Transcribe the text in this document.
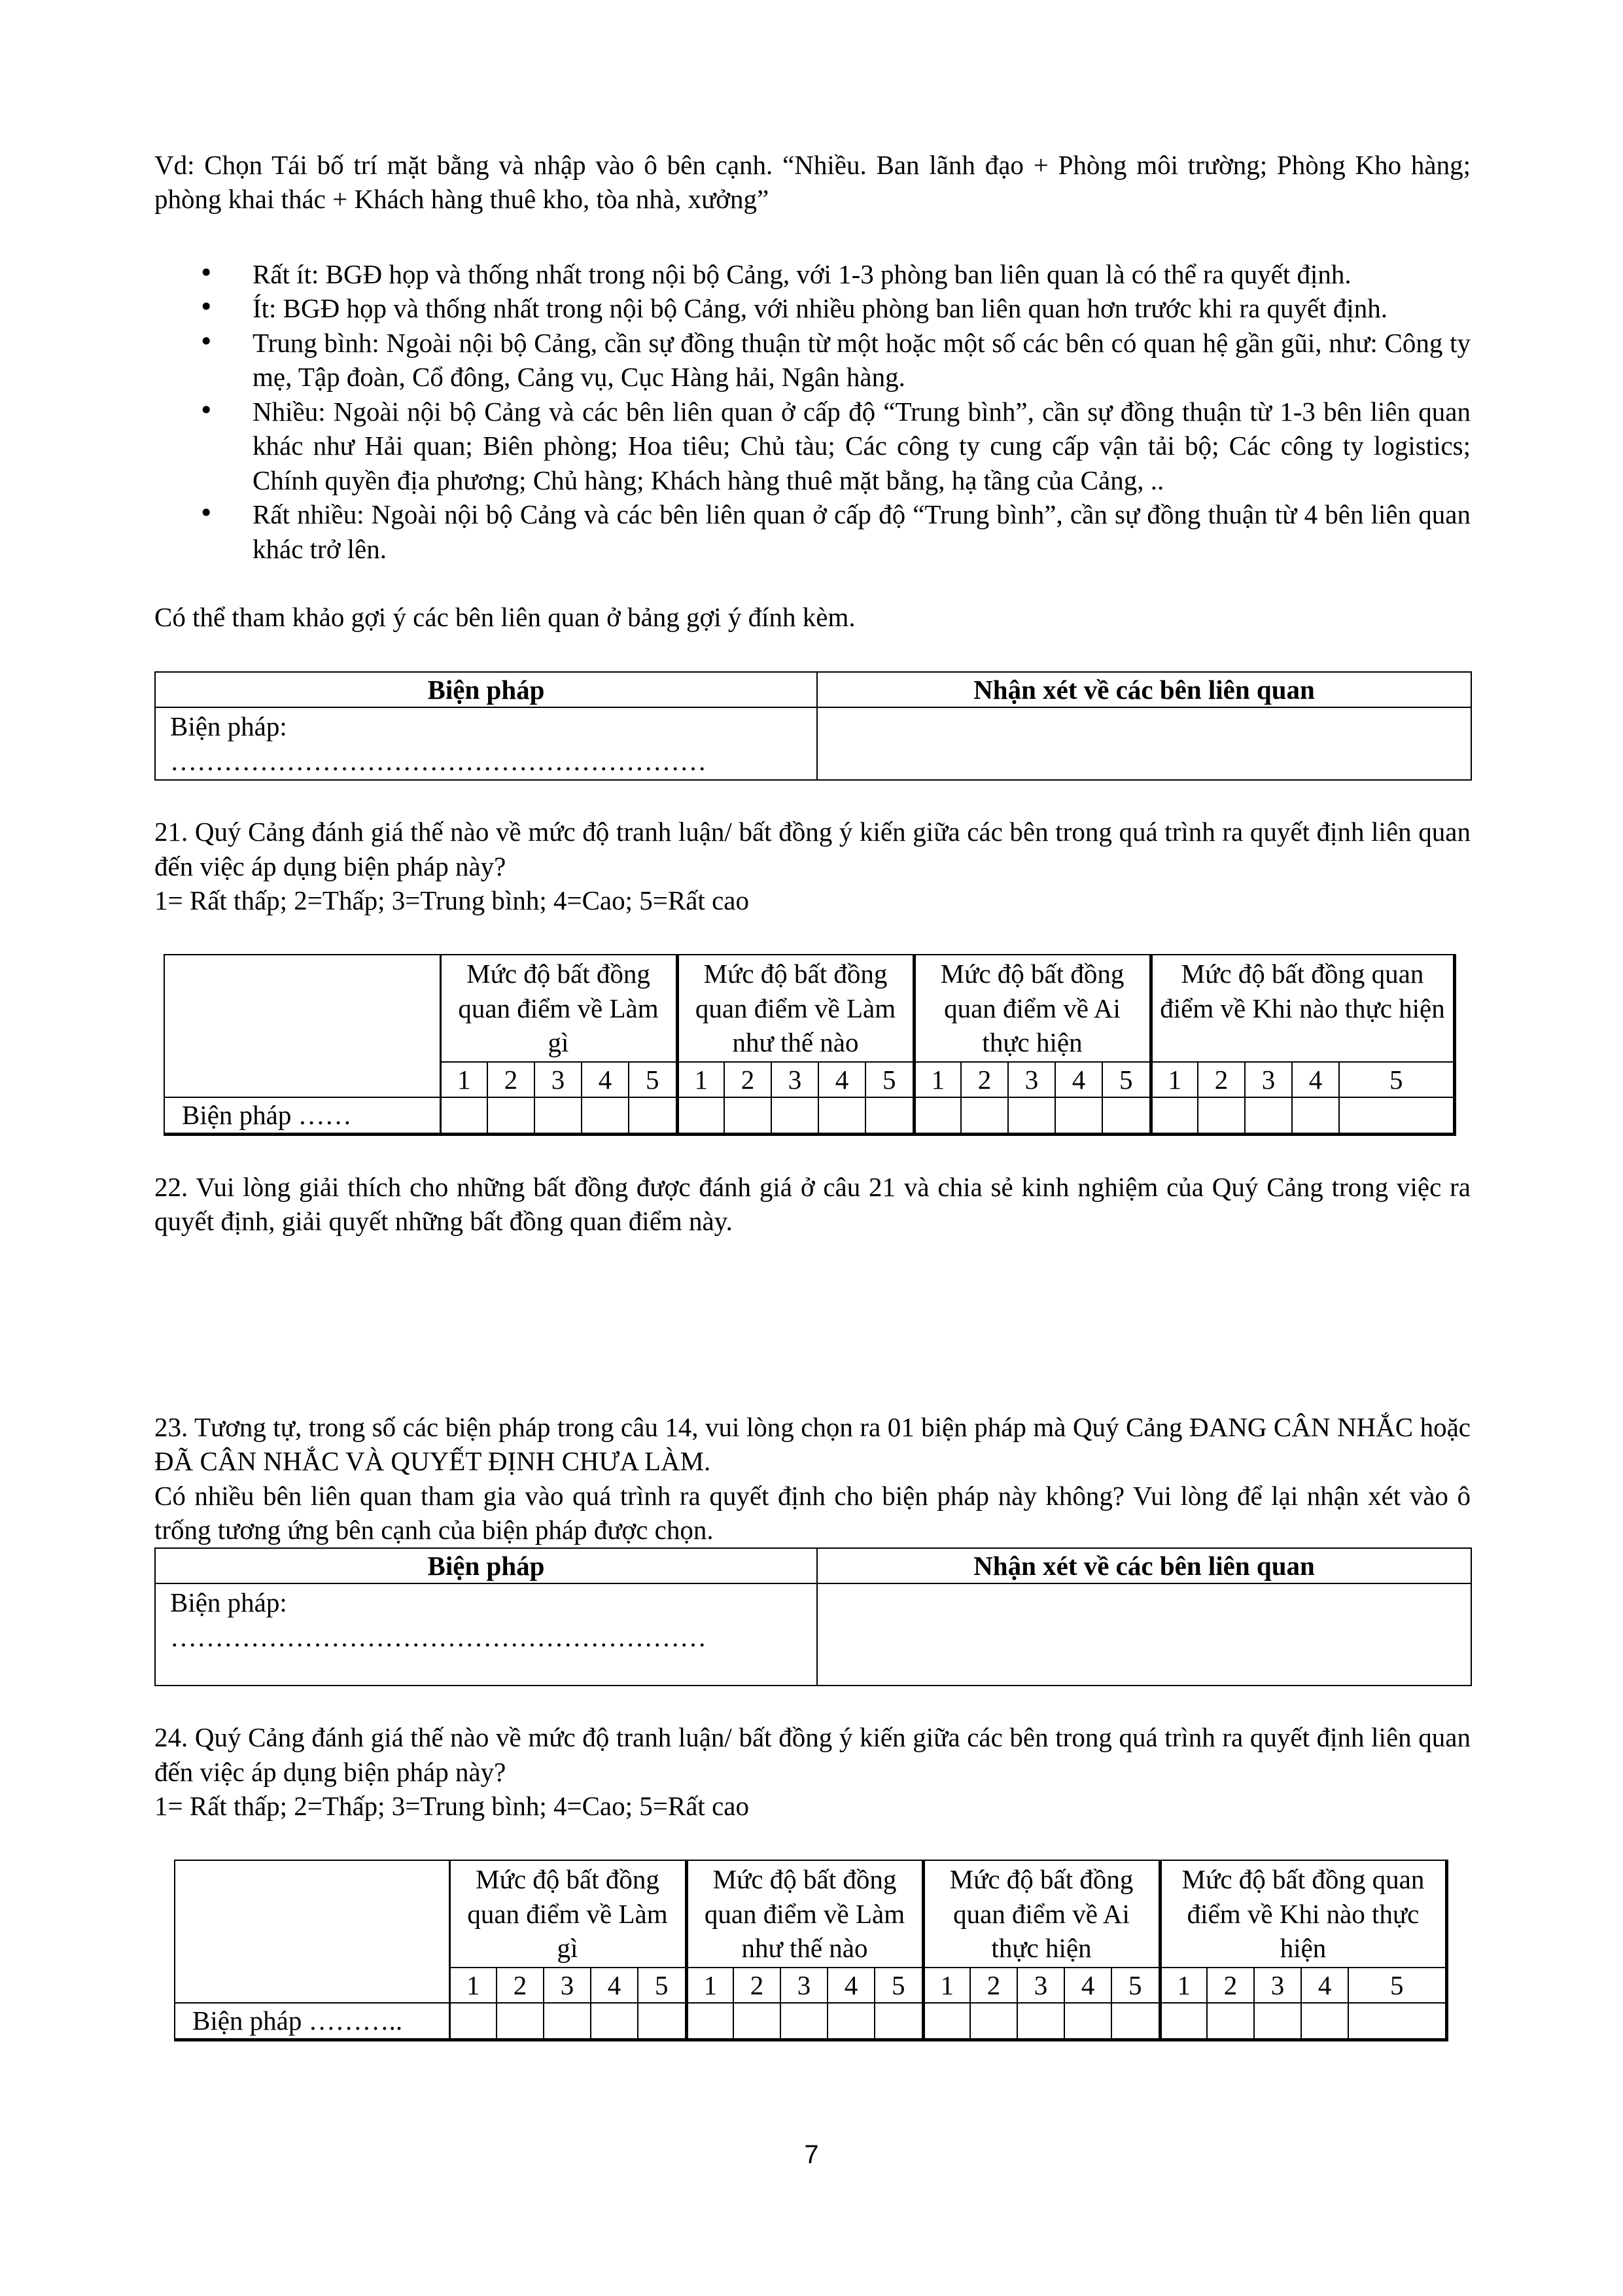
Vd: Chọn Tái bố trí mặt bằng và nhập vào ô bên cạnh. “Nhiều. Ban lãnh đạo + Phòng môi trường; Phòng Kho hàng; phòng khai thác + Khách hàng thuê kho, tòa nhà, xưởng”

• Rất ít: BGĐ họp và thống nhất trong nội bộ Cảng, với 1-3 phòng ban liên quan là có thể ra quyết định.
• Ít: BGĐ họp và thống nhất trong nội bộ Cảng, với nhiều phòng ban liên quan hơn trước khi ra quyết định.
• Trung bình: Ngoài nội bộ Cảng, cần sự đồng thuận từ một hoặc một số các bên có quan hệ gần gũi, như: Công ty mẹ, Tập đoàn, Cổ đông, Cảng vụ, Cục Hàng hải, Ngân hàng.
• Nhiều: Ngoài nội bộ Cảng và các bên liên quan ở cấp độ “Trung bình”, cần sự đồng thuận từ 1-3 bên liên quan khác như Hải quan; Biên phòng; Hoa tiêu; Chủ tàu; Các công ty cung cấp vận tải bộ; Các công ty logistics; Chính quyền địa phương; Chủ hàng; Khách hàng thuê mặt bằng, hạ tầng của Cảng, ..
• Rất nhiều: Ngoài nội bộ Cảng và các bên liên quan ở cấp độ “Trung bình”, cần sự đồng thuận từ 4 bên liên quan khác trở lên.

Có thể tham khảo gợi ý các bên liên quan ở bảng gợi ý đính kèm.

Biện pháp	Nhận xét về các bên liên quan

Biện pháp:
……………………………………………………	

21. Quý Cảng đánh giá thế nào về mức độ tranh luận/ bất đồng ý kiến giữa các bên trong quá trình ra quyết định liên quan đến việc áp dụng biện pháp này?

1= Rất thấp; 2=Thấp; 3=Trung bình; 4=Cao; 5=Rất cao

	Mức độ bất đồng quan điểm về Làm gì					Mức độ bất đồng quan điểm về Làm như thế nào					Mức độ bất đồng quan điểm về Ai thực hiện					Mức độ bất đồng quan điểm về Khi nào thực hiện				
	1	2	3	4	5	1	2	3	4	5	1	2	3	4	5	1	2	3	4	5
Biện pháp ……																				

22. Vui lòng giải thích cho những bất đồng được đánh giá ở câu 21 và chia sẻ kinh nghiệm của Quý Cảng trong việc ra quyết định, giải quyết những bất đồng quan điểm này.

23. Tương tự, trong số các biện pháp trong câu 14, vui lòng chọn ra 01 biện pháp mà Quý Cảng ĐANG CÂN NHẮC hoặc ĐÃ CÂN NHẮC VÀ QUYẾT ĐỊNH CHƯA LÀM.

Có nhiều bên liên quan tham gia vào quá trình ra quyết định cho biện pháp này không? Vui lòng để lại nhận xét vào ô trống tương ứng bên cạnh của biện pháp được chọn.

Biện pháp	Nhận xét về các bên liên quan

Biện pháp:
……………………………………………………	

24. Quý Cảng đánh giá thế nào về mức độ tranh luận/ bất đồng ý kiến giữa các bên trong quá trình ra quyết định liên quan đến việc áp dụng biện pháp này?

1= Rất thấp; 2=Thấp; 3=Trung bình; 4=Cao; 5=Rất cao

	Mức độ bất đồng quan điểm về Làm gì					Mức độ bất đồng quan điểm về Làm như thế nào					Mức độ bất đồng quan điểm về Ai thực hiện					Mức độ bất đồng quan điểm về Khi nào thực hiện				
	1	2	3	4	5	1	2	3	4	5	1	2	3	4	5	1	2	3	4	5
Biện pháp ………..																				
7
